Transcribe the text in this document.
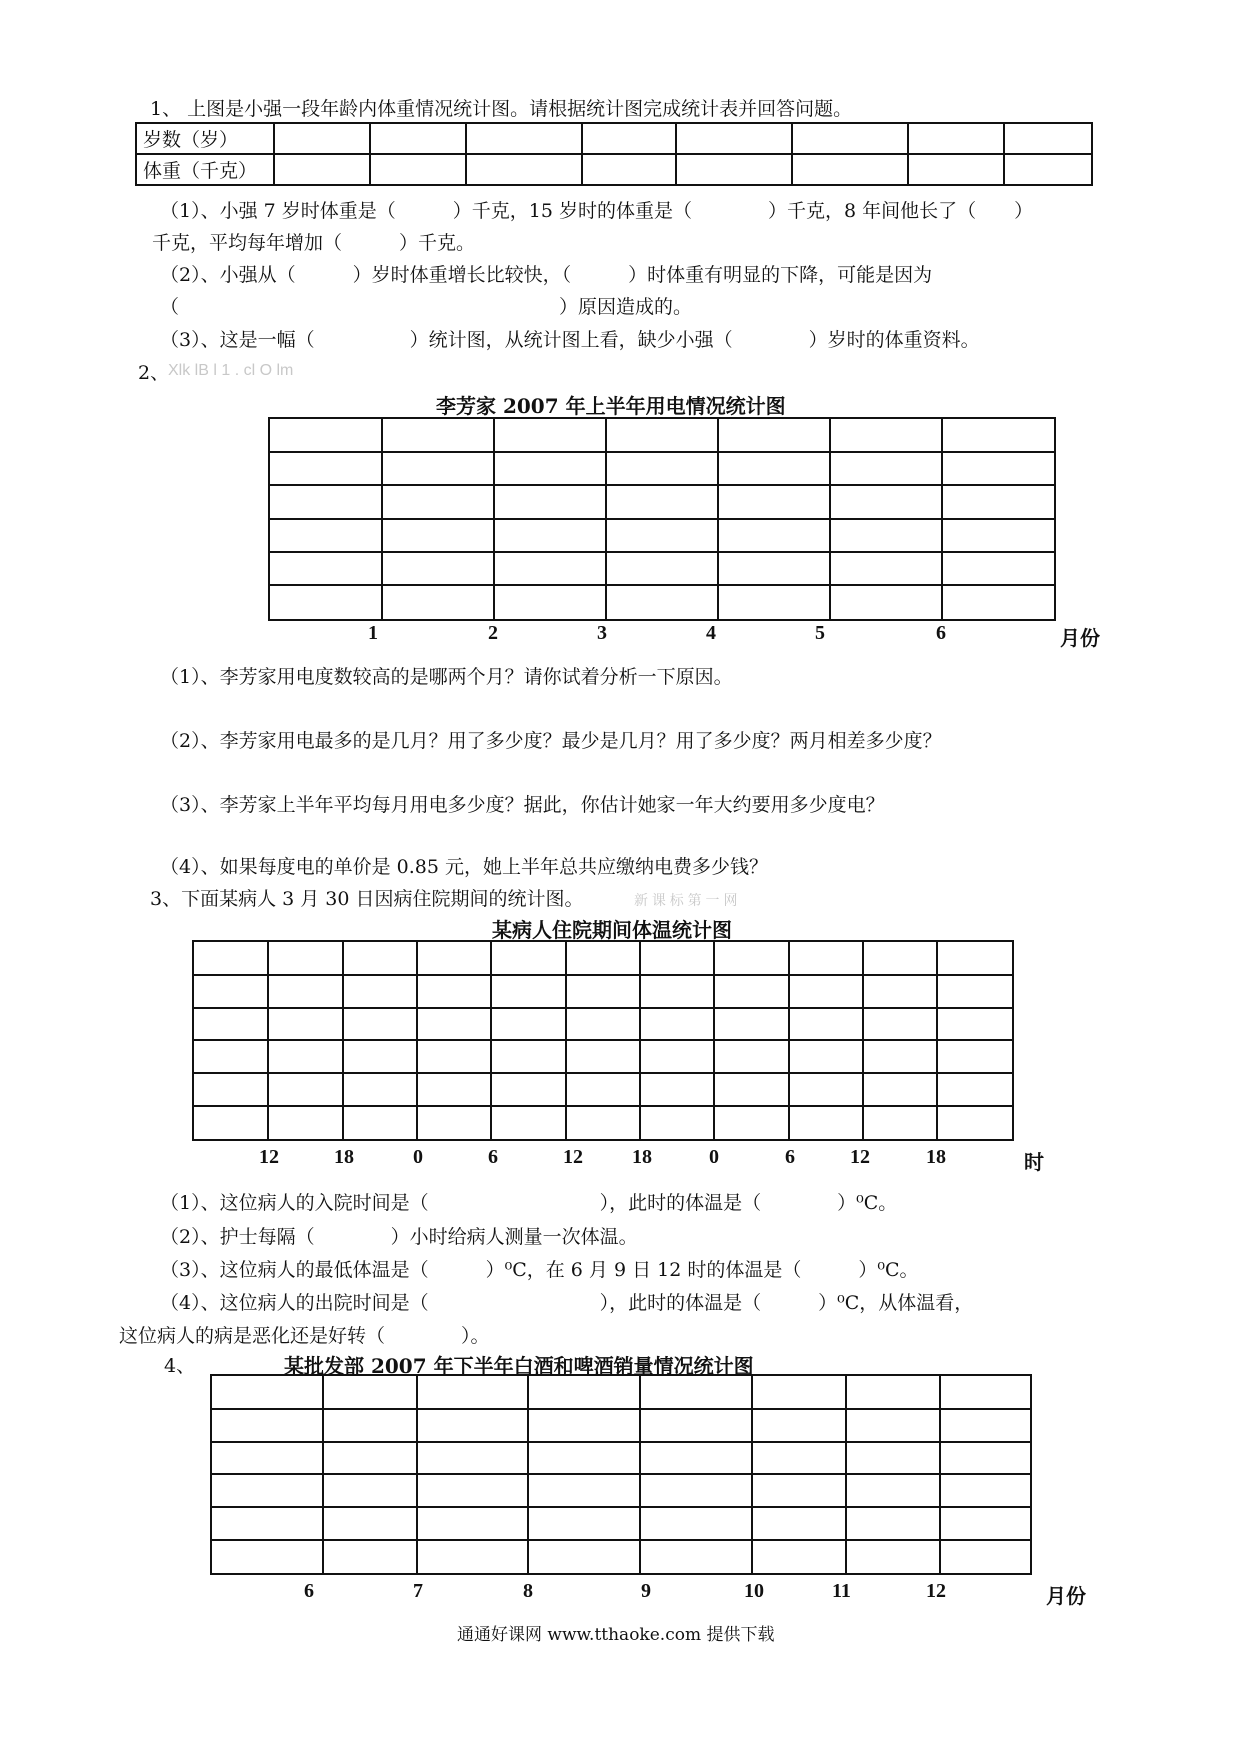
1、 上图是小强一段年龄内体重情况统计图。请根据统计图完成统计表并回答问题。
岁数（岁）								

体重（千克）								

（1）、小强 7 岁时体重是（　　　）千克，15 岁时的体重是（　　　　）千克，8 年间他长了（　　）
千克，平均每年增加（　　　）千克。
（2）、小强从（　　　）岁时体重增长比较快，（　　　）时体重有明显的下降，可能是因为
（　　　　　　　　　　　　　　　　　　　　）原因造成的。
（3）、这是一幅（　　　　　）统计图，从统计图上看，缺少小强（　　　　）岁时的体重资料。
2、
Xlk lB l 1 . cl O lm
李芳家 2007 年上半年用电情况统计图
1	2	3	4	5	6	月份
（1）、李芳家用电度数较高的是哪两个月？请你试着分析一下原因。
（2）、李芳家用电最多的是几月？用了多少度？最少是几月？用了多少度？两月相差多少度？
（3）、李芳家上半年平均每月用电多少度？据此，你估计她家一年大约要用多少度电？
（4）、如果每度电的单价是 0.85 元，她上半年总共应缴纳电费多少钱？
3、下面某病人 3 月 30 日因病住院期间的统计图。	新 课 标 第 一 网
某病人住院期间体温统计图
12	18	0	6	12 18	0	6	12	18	时
（1）、这位病人的入院时间是（　　　　　　　　　），此时的体温是（　　　　）⁰C。
（2）、护士每隔（　　　　）小时给病人测量一次体温。
（3）、这位病人的最低体温是（　　　）⁰C，在 6 月 9 日 12 时的体温是（　　　）⁰C。
（4）、这位病人的出院时间是（　　　　　　　　　），此时的体温是（　　　）⁰C，从体温看，
这位病人的病是恶化还是好转（　　　　）。
4、	某批发部 2007 年下半年白酒和啤酒销量情况统计图
6	7	8	9	10	11	12	月份
通通好课网 www.tthaoke.com 提供下载
